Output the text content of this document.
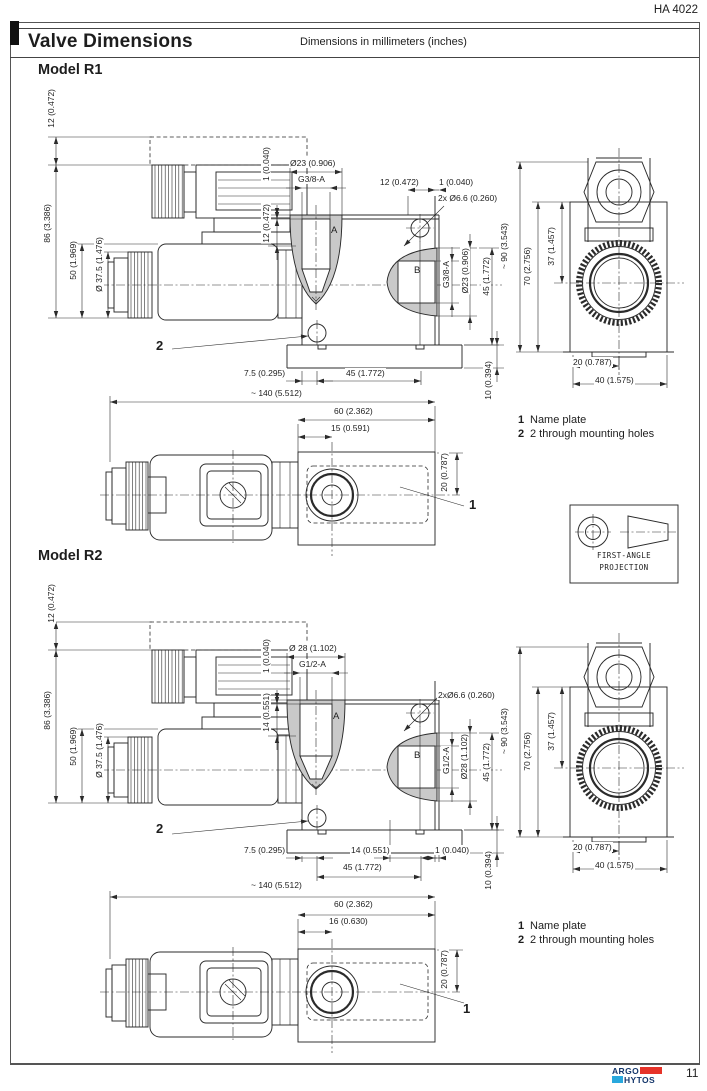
HA 4022
Valve Dimensions	Dimensions in millimeters (inches)
Model R1
Model R2
12 (0.472)
86 (3.386)
50 (1.969) Ø 37.5 (1.476)
Ø23 (0.906)
G3/8-A
1 (0.040)
12 (0.472)
12 (0.472) 1 (0.040)
2x Ø6.6 (0.260)
G3/8-A Ø23 (0.906) 45 (1.772)
7.5 (0.295)	45 (1.772)	10 (0.394)
~ 140 (5.512)
60 (2.362)
15 (0.591)
20 (0.787)
~ 90 (3.543) 70 (2.756)
37 (1.457)
20 (0.787)
40 (1.575)
A
B
2
1
1 Name plate
2 2 through mounting holes
FIRST-ANGLE
PROJECTION
12 (0.472)
86 (3.386)
50 (1.969) Ø 37.5 (1.476)
Ø 28 (1.102)
G1/2-A
1 (0.040)
14 (0.551)	2xØ6.6 (0.260)
G1/2-A Ø28 (1.102) 45 (1.772)
7.5 (0.295)	14 (0.551)	1 (0.040)
45 (1.772)	10 (0.394)
~ 140 (5.512)
60 (2.362)
16 (0.630)
20 (0.787)
~ 90 (3.543) 70 (2.756)
37 (1.457)
20 (0.787)
40 (1.575)
A
B
2
1
1 Name plate
2 2 through mounting holes
ARGO
HYTOS	11
